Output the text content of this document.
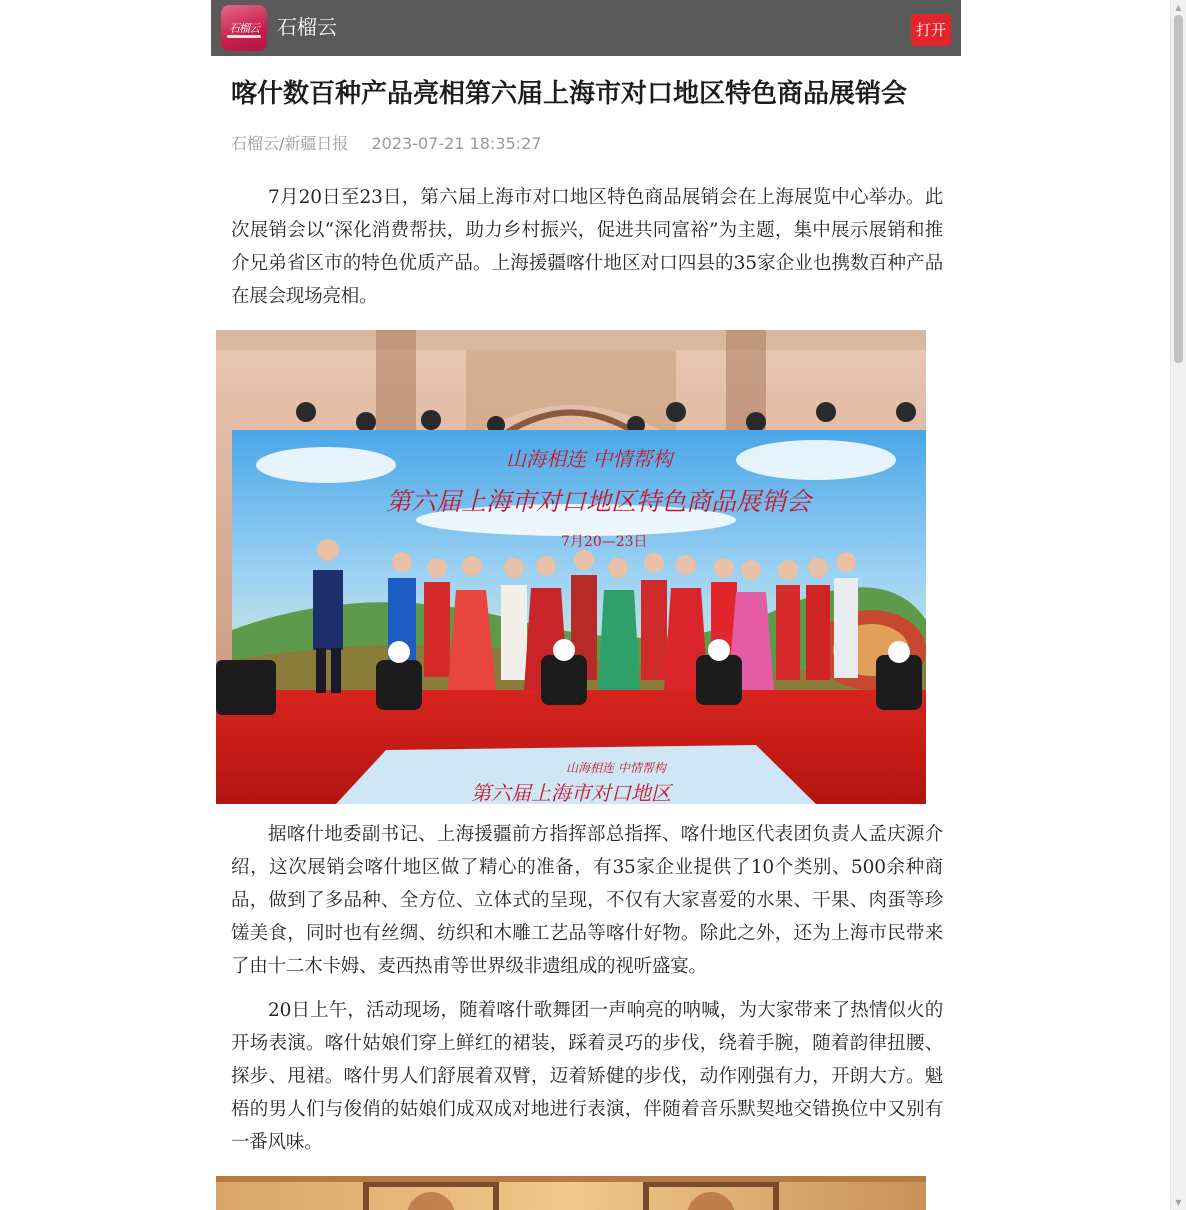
石榴云 石榴云	打开
喀什数百种产品亮相第六届上海市对口地区特色商品展销会
石榴云/新疆日报 2023-07-21 18:35:27

7月20日至23日，第六届上海市对口地区特色商品展销会在上海展览中心举办。此次展销会以“深化消费帮扶，助力乡村振兴，促进共同富裕”为主题，集中展示展销和推介兄弟省区市的特色优质产品。上海援疆喀什地区对口四县的35家企业也携数百种产品在展会现场亮相。

山海相连 中情帮构
第六届上海市对口地区特色商品展销会
7月20—23日
山海相连 中情帮构
第六届上海市对口地区

据喀什地委副书记、上海援疆前方指挥部总指挥、喀什地区代表团负责人孟庆源介绍，这次展销会喀什地区做了精心的准备，有35家企业提供了10个类别、500余种商品，做到了多品种、全方位、立体式的呈现，不仅有大家喜爱的水果、干果、肉蛋等珍馐美食，同时也有丝绸、纺织和木雕工艺品等喀什好物。除此之外，还为上海市民带来了由十二木卡姆、麦西热甫等世界级非遗组成的视听盛宴。

20日上午，活动现场，随着喀什歌舞团一声响亮的呐喊，为大家带来了热情似火的开场表演。喀什姑娘们穿上鲜红的裙装，踩着灵巧的步伐，绕着手腕，随着韵律扭腰、探步、甩裙。喀什男人们舒展着双臂，迈着矫健的步伐，动作刚强有力，开朗大方。魁梧的男人们与俊俏的姑娘们成双成对地进行表演，伴随着音乐默契地交错换位中又别有一番风味。

▲
▼
